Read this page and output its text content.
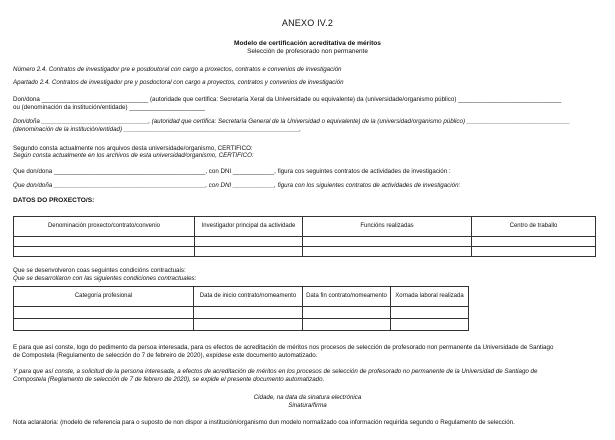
ANEXO IV.2
Modelo de certificación acreditativa de méritos
Selección de profesorado non permanente
Número 2.4. Contratos de investigador pre e posdoutoral con cargo a proxectos, contratos e convenios de investigación
Apartado 2.4. Contratos de investigador pre y posdoctoral con cargo a proyectos, contratos y convenios de investigación
Don/dona _______________________________ (autoridade que certifica: Secretaría Xeral da Universidade ou equivalente) da (universidade/organismo público) ______________________________
ou (denominación da institución/entidade) ______________________
Don/doña _______________________________, (autoridad que certifica: Secretaría General de la Universidad o equivalente) de la (universidad/organismo público) ______________________________
(denominación de la institución/entidad) ___________________________________________________,
Segundo consta actualmente nos arquivos desta universidade/organismo, CERTIFICO:
Según consta actualmente en los archivos de esta universidad/organismo, CERTIFICO:
Que don/dona ____________________________________________, con DNI ____________, figura cos seguintes contratos de actividades de investigación :
Que don/doña ____________________________________________, con DNI ____________, figura con los siguientes contratos de actividades de investigación:
DATOS DO PROXECTO/S:
Denominación proxecto/contrato/convenio	Investigador principal da actividade	Funcións realizadas	Centro de traballo

Que se desenvolveron coas seguintes condicións contractuais:
Que se desarrollaron con las siguientes condiciones contractuales:
Categoría profesional	Data de inicio contrato/nomeamento	Data fin contrato/nomeamento	Xornada laboral realizada

E para que así conste, logo do pedimento da persoa interesada, para os efectos de acreditación de méritos nos procesos de selección de profesorado non permanente da Universidade de Santiago
de Compostela (Regulamento de selección do 7 de febreiro de 2020), expídese este documento automatizado.
Y para que así conste, a solicitud de la persona interesada, a efectos de acreditación de méritos en los procesos de selección de profesorado no permanente de la Universidad de Santiago de
Compostela (Reglamento de selección de 7 de febrero de 2020), se expide el presente documento automatizado.
Cidade, na data da sinatura electrónica
Sinatura/firma
Nota aclaratoria: (modelo de referencia para o suposto de non dispor a institución/organismo dun modelo normalizado coa información requirida segundo o Regulamento de selección.
